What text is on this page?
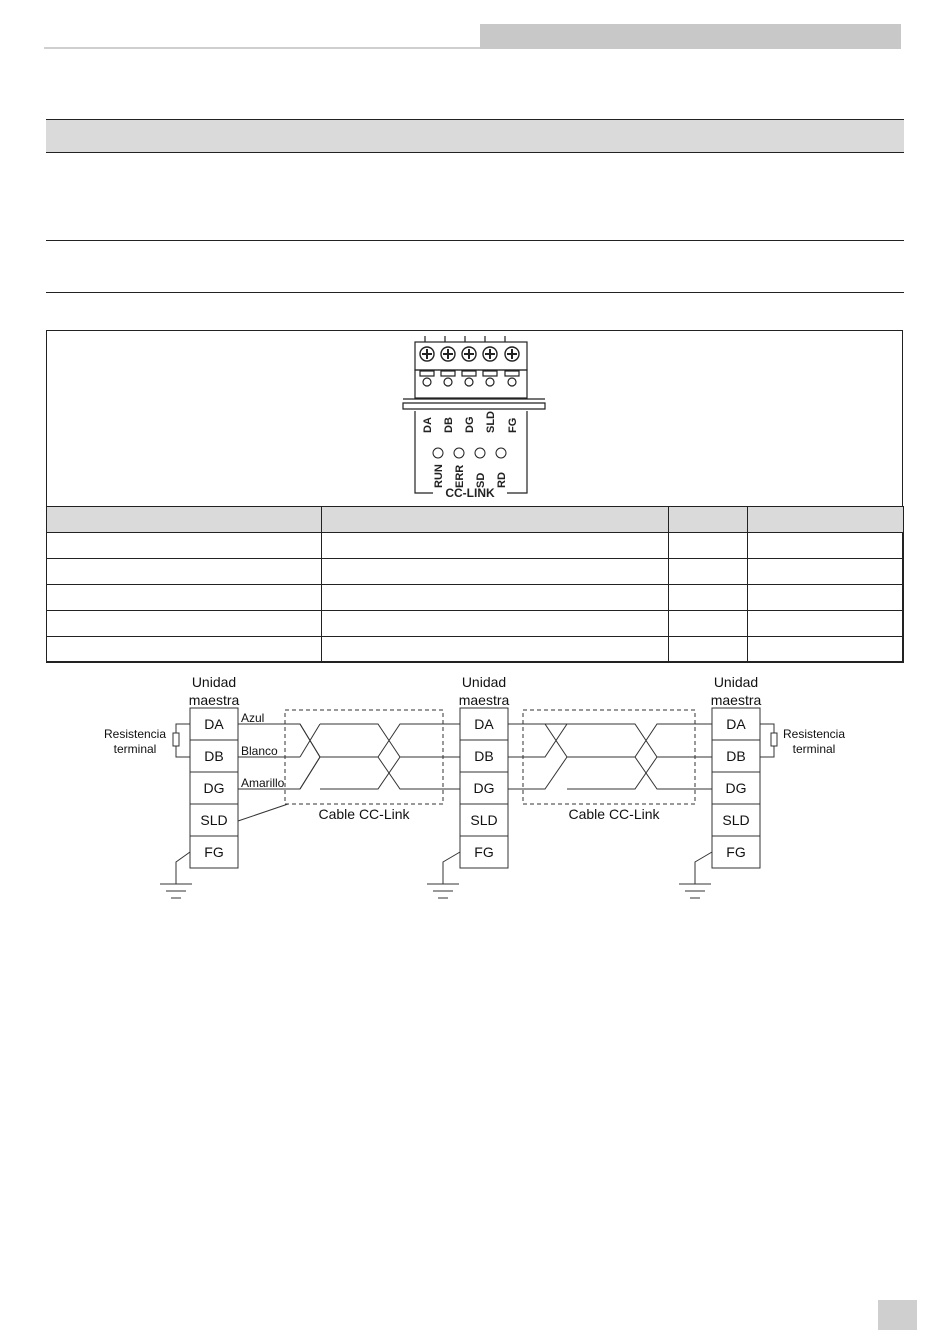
DA DB DG SLD FG
RUN ERR SD RD
CC-LINK

DA
DB
DG
SLD
FG
DA
DB
DG
SLD
FG
DA
DB
DG
SLD
FG
Unidad
maestra
Unidad
maestra
Unidad
maestra
Azul
Blanco
Amarillo
Cable CC-Link	Cable CC-Link
Resistencia
terminal
Resistencia
terminal
